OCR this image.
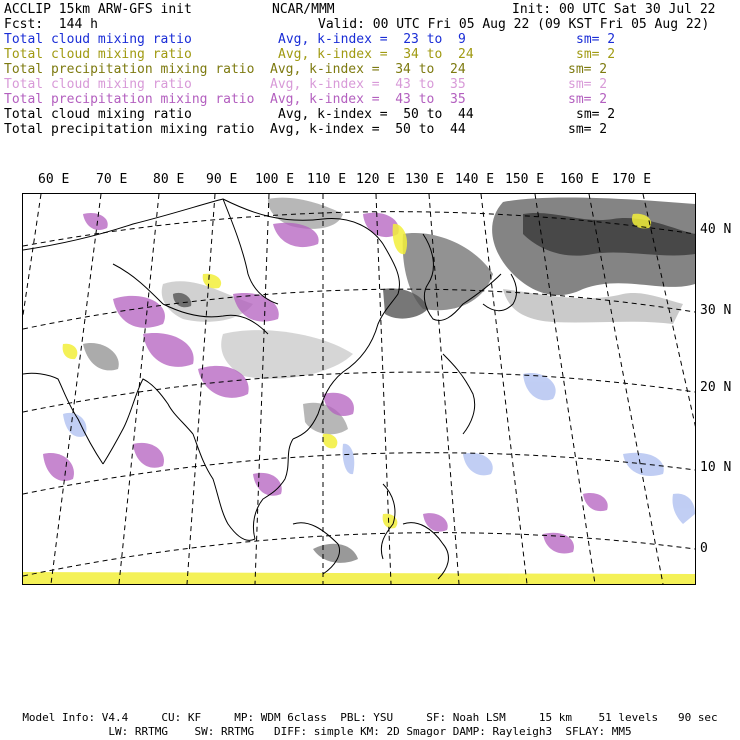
ACCLIP 15km ARW-GFS init	NCAR/MMM	Init: 00 UTC Sat 30 Jul 22
Fcst:  144 h	Valid: 00 UTC Fri 05 Aug 22 (09 KST Fri 05 Aug 22)
Total cloud mixing ratio	Avg, k-index =  23 to  9	sm= 2
Total cloud mixing ratio	Avg, k-index =  34 to  24	sm= 2
Total precipitation mixing ratio Avg, k-index =  34 to  24	sm= 2
Total cloud mixing ratio	Avg, k-index =  43 to  35	sm= 2
Total precipitation mixing ratio Avg, k-index =  43 to  35	sm= 2
Total cloud mixing ratio	Avg, k-index =  50 to  44	sm= 2
Total precipitation mixing ratio Avg, k-index =  50 to  44	sm= 2
60 E 70 E 80 E 90 E 100 E 110 E 120 E 130 E 140 E 150 E 160 E 170 E
40 N
30 N
20 N
10 N
0
Model Info: V4.4     CU: KF     MP: WDM 6class  PBL: YSU     SF: Noah LSM     15 km    51 levels   90 sec
LW: RRTMG    SW: RRTMG   DIFF: simple KM: 2D Smagor DAMP: Rayleigh3  SFLAY: MM5
